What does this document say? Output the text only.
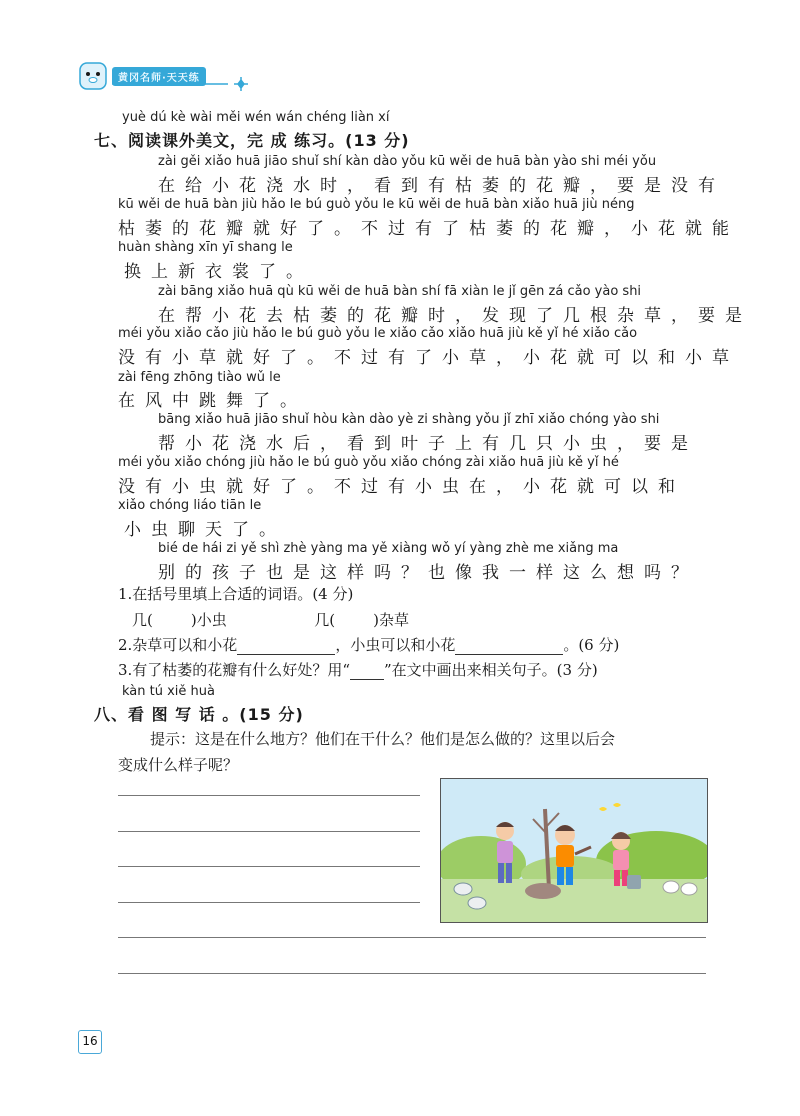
黄冈名师·天天练
yuè dú kè wài měi wén wán chéng liàn xí
七、阅读课外美文，完 成 练习。(13 分)
zài gěi xiǎo huā jiāo shuǐ shí kàn dào yǒu kū wěi de huā bàn yào shi méi yǒu
在给小花浇水时，看到有枯萎的花瓣，要是没有
kū wěi de huā bàn jiù hǎo le bú guò yǒu le kū wěi de huā bàn xiǎo huā jiù néng
枯萎的花瓣就好了。不过有了枯萎的花瓣，小花就能
huàn shàng xīn yī shang le
换上新衣裳了。
zài bāng xiǎo huā qù kū wěi de huā bàn shí fā xiàn le jǐ gēn zá cǎo yào shi
在帮小花去枯萎的花瓣时，发现了几根杂草，要是
méi yǒu xiǎo cǎo jiù hǎo le bú guò yǒu le xiǎo cǎo xiǎo huā jiù kě yǐ hé xiǎo cǎo
没有小草就好了。不过有了小草，小花就可以和小草
zài fēng zhōng tiào wǔ le
在风中跳舞了。
bāng xiǎo huā jiāo shuǐ hòu kàn dào yè zi shàng yǒu jǐ zhī xiǎo chóng yào shi
帮小花浇水后，看到叶子上有几只小虫，要是
méi yǒu xiǎo chóng jiù hǎo le bú guò yǒu xiǎo chóng zài xiǎo huā jiù kě yǐ hé
没有小虫就好了。不过有小虫在，小花就可以和
xiǎo chóng liáo tiān le
小虫聊天了。
bié de hái zi yě shì zhè yàng ma yě xiàng wǒ yí yàng zhè me xiǎng ma
别的孩子也是这样吗？也像我一样这么想吗？
1.在括号里填上合适的词语。(4 分)
几(	)小虫	几(	)杂草
2.杂草可以和小花	，小虫可以和小花	。(6 分)
3.有了枯萎的花瓣有什么好处？用“ ”在文中画出来相关句子。(3 分)
kàn tú xiě huà
八、看 图 写 话 。(15 分)
提示：这是在什么地方？他们在干什么？他们是怎么做的？这里以后会
变成什么样子呢？
16
